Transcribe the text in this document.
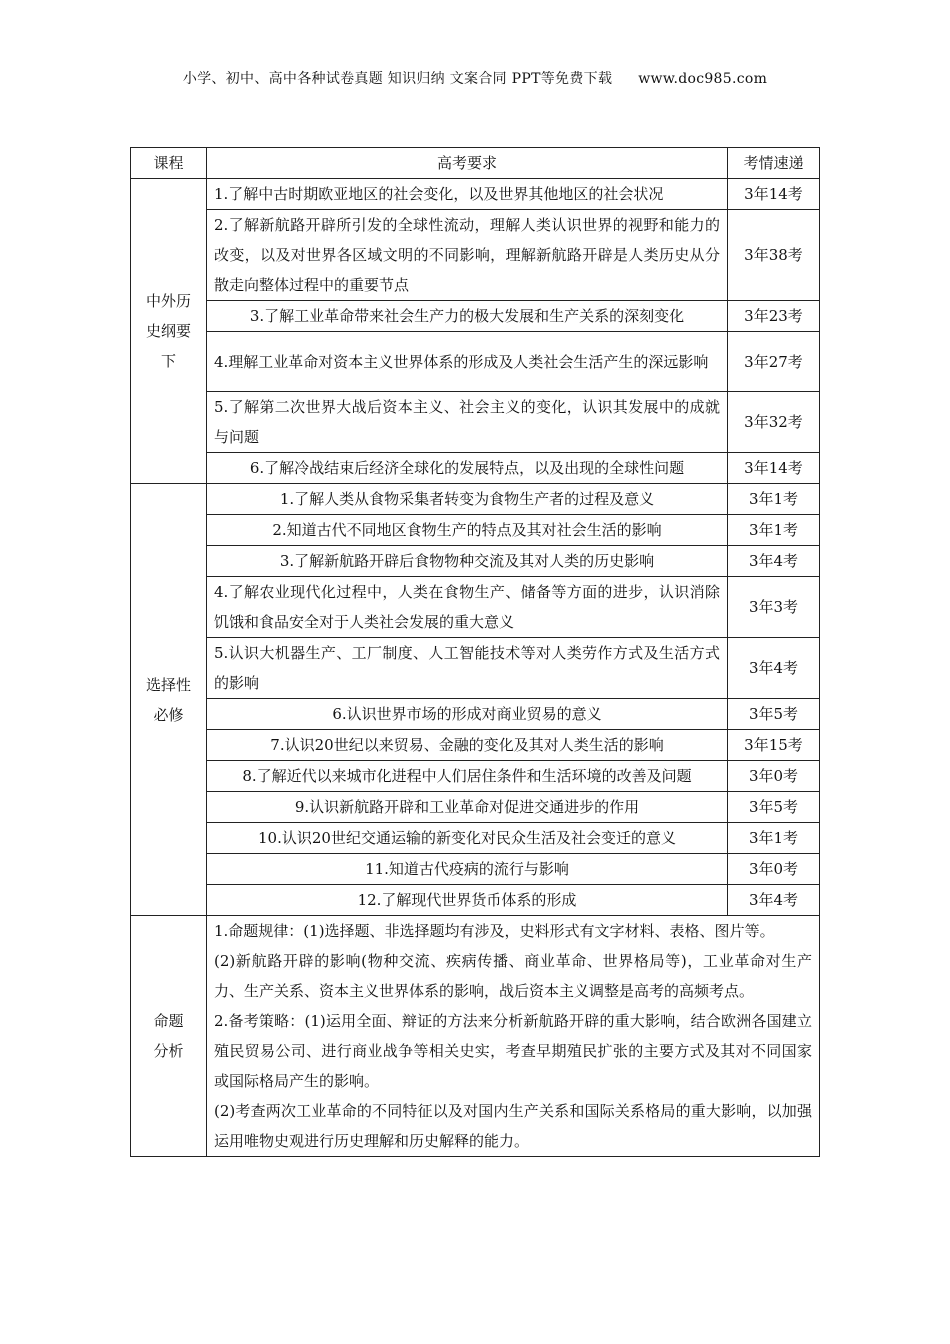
小学、初中、高中各种试卷真题 知识归纳 文案合同 PPT等免费下载 www.doc985.com
课程	高考要求	考情速递

中外历史纲要下	1.了解中古时期欧亚地区的社会变化，以及世界其他地区的社会状况	3年14考
	2.了解新航路开辟所引发的全球性流动，理解人类认识世界的视野和能力的改变，以及对世界各区域文明的不同影响，理解新航路开辟是人类历史从分散走向整体过程中的重要节点	3年38考
	3.了解工业革命带来社会生产力的极大发展和生产关系的深刻变化	3年23考
	4.理解工业革命对资本主义世界体系的形成及人类社会生活产生的深远影响	3年27考
	5.了解第二次世界大战后资本主义、社会主义的变化，认识其发展中的成就与问题	3年32考
	6.了解冷战结束后经济全球化的发展特点，以及出现的全球性问题	3年14考

选择性必修	1.了解人类从食物采集者转变为食物生产者的过程及意义	3年1考
	2.知道古代不同地区食物生产的特点及其对社会生活的影响	3年1考
	3.了解新航路开辟后食物物种交流及其对人类的历史影响	3年4考
	4.了解农业现代化过程中，人类在食物生产、储备等方面的进步，认识消除饥饿和食品安全对于人类社会发展的重大意义	3年3考
	5.认识大机器生产、工厂制度、人工智能技术等对人类劳作方式及生活方式的影响	3年4考
	6.认识世界市场的形成对商业贸易的意义	3年5考
	7.认识20世纪以来贸易、金融的变化及其对人类生活的影响	3年15考
	8.了解近代以来城市化进程中人们居住条件和生活环境的改善及问题	3年0考
	9.认识新航路开辟和工业革命对促进交通进步的作用	3年5考
	10.认识20世纪交通运输的新变化对民众生活及社会变迁的意义	3年1考
	11.知道古代疫病的流行与影响	3年0考
	12.了解现代世界货币体系的形成	3年4考

命题分析	1.命题规律：(1)选择题、非选择题均有涉及，史料形式有文字材料、表格、图片等。

(2)新航路开辟的影响(物种交流、疾病传播、商业革命、世界格局等)，工业革命对生产力、生产关系、资本主义世界体系的影响，战后资本主义调整是高考的高频考点。

2.备考策略：(1)运用全面、辩证的方法来分析新航路开辟的重大影响，结合欧洲各国建立殖民贸易公司、进行商业战争等相关史实，考查早期殖民扩张的主要方式及其对不同国家或国际格局产生的影响。

(2)考查两次工业革命的不同特征以及对国内生产关系和国际关系格局的重大影响，以加强运用唯物史观进行历史理解和历史解释的能力。	
